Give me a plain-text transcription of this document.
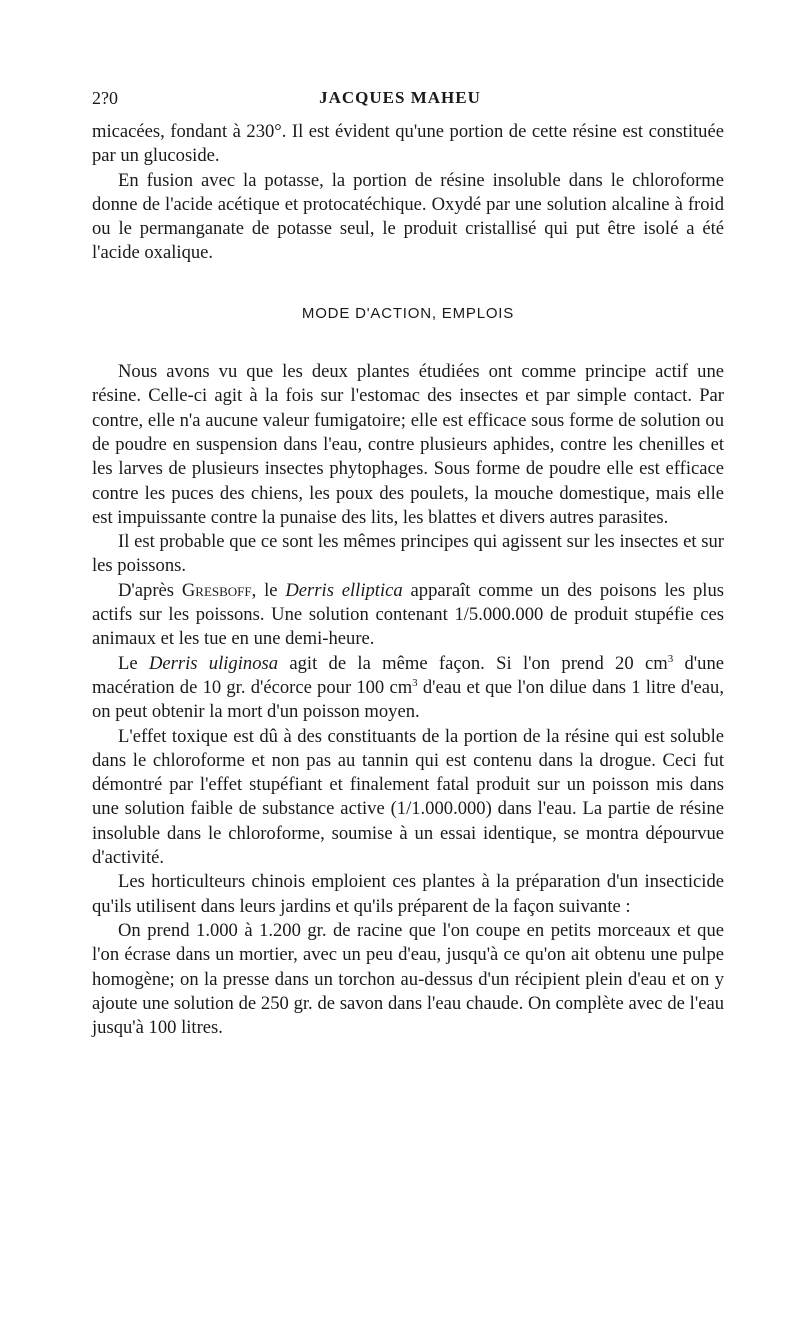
2?0	JACQUES MAHEU

micacées, fondant à 230°. Il est évident qu'une portion de cette résine est constituée par un glucoside.

En fusion avec la potasse, la portion de résine insoluble dans le chloroforme donne de l'acide acétique et protocatéchique. Oxydé par une solution alcaline à froid ou le permanganate de potasse seul, le produit cristallisé qui put être isolé a été l'acide oxalique.

MODE D'ACTION, EMPLOIS

Nous avons vu que les deux plantes étudiées ont comme principe actif une résine. Celle-ci agit à la fois sur l'estomac des insectes et par simple contact. Par contre, elle n'a aucune valeur fumigatoire; elle est efficace sous forme de solution ou de poudre en suspension dans l'eau, contre plusieurs aphides, contre les chenilles et les larves de plusieurs insectes phytophages. Sous forme de poudre elle est efficace contre les puces des chiens, les poux des poulets, la mouche domestique, mais elle est impuissante contre la punaise des lits, les blattes et divers autres parasites.

Il est probable que ce sont les mêmes principes qui agissent sur les insectes et sur les poissons.

D'après Gresboff, le Derris elliptica apparaît comme un des poisons les plus actifs sur les poissons. Une solution contenant 1/5.000.000 de produit stupéfie ces animaux et les tue en une demi-heure.

Le Derris uliginosa agit de la même façon. Si l'on prend 20 $cm^3$ d'une macération de 10 gr. d'écorce pour 100 $cm^3$ d'eau et que l'on dilue dans 1 litre d'eau, on peut obtenir la mort d'un poisson moyen.

L'effet toxique est dû à des constituants de la portion de la résine qui est soluble dans le chloroforme et non pas au tannin qui est contenu dans la drogue. Ceci fut démontré par l'effet stupéfiant et finalement fatal produit sur un poisson mis dans une solution faible de substance active (1/1.000.000) dans l'eau. La partie de résine insoluble dans le chloroforme, soumise à un essai identique, se montra dépourvue d'activité.

Les horticulteurs chinois emploient ces plantes à la préparation d'un insecticide qu'ils utilisent dans leurs jardins et qu'ils préparent de la façon suivante :

On prend 1.000 à 1.200 gr. de racine que l'on coupe en petits morceaux et que l'on écrase dans un mortier, avec un peu d'eau, jusqu'à ce qu'on ait obtenu une pulpe homogène; on la presse dans un torchon au-dessus d'un récipient plein d'eau et on y ajoute une solution de 250 gr. de savon dans l'eau chaude. On complète avec de l'eau jusqu'à 100 litres.
